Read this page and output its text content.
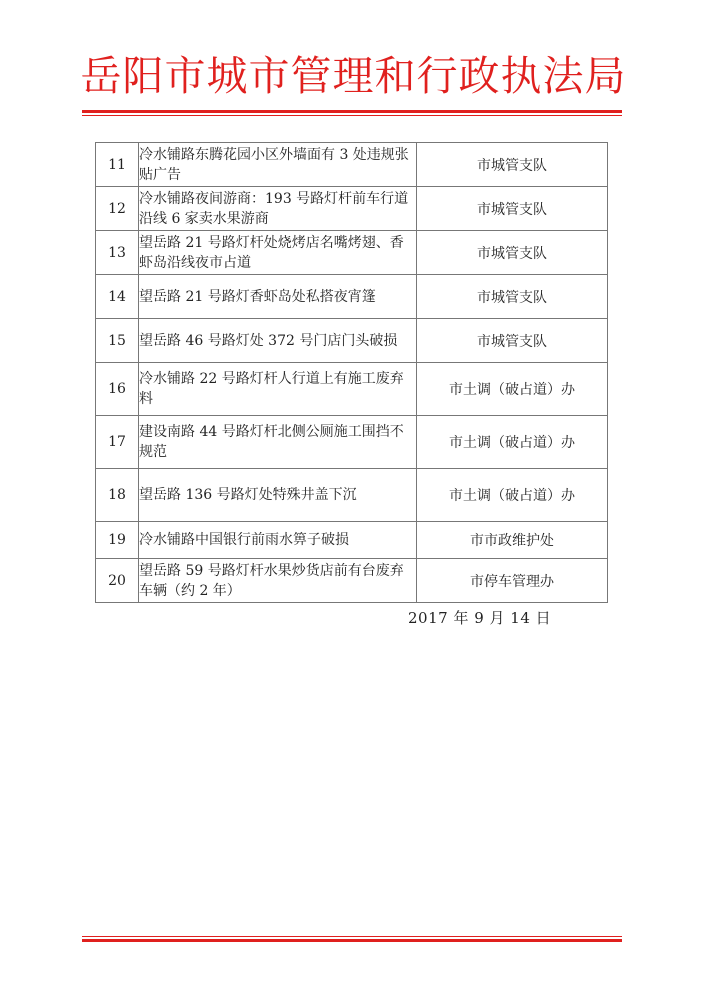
岳阳市城市管理和行政执法局
11	冷水铺路东腾花园小区外墙面有 3 处违规张贴广告	市城管支队
12	冷水铺路夜间游商：193 号路灯杆前车行道沿线 6 家卖水果游商	市城管支队
13	望岳路 21 号路灯杆处烧烤店名嘴烤翅、香虾岛沿线夜市占道	市城管支队
14	望岳路 21 号路灯香虾岛处私搭夜宵篷	市城管支队
15	望岳路 46 号路灯处 372 号门店门头破损	市城管支队
16	冷水铺路 22 号路灯杆人行道上有施工废弃料	市土调（破占道）办
17	建设南路 44 号路灯杆北侧公厕施工围挡不规范	市土调（破占道）办
18	望岳路 136 号路灯处特殊井盖下沉	市土调（破占道）办
19	冷水铺路中国银行前雨水箅子破损	市市政维护处
20	望岳路 59 号路灯杆水果炒货店前有台废弃车辆（约 2 年）	市停车管理办
2017 年 9 月 14 日
